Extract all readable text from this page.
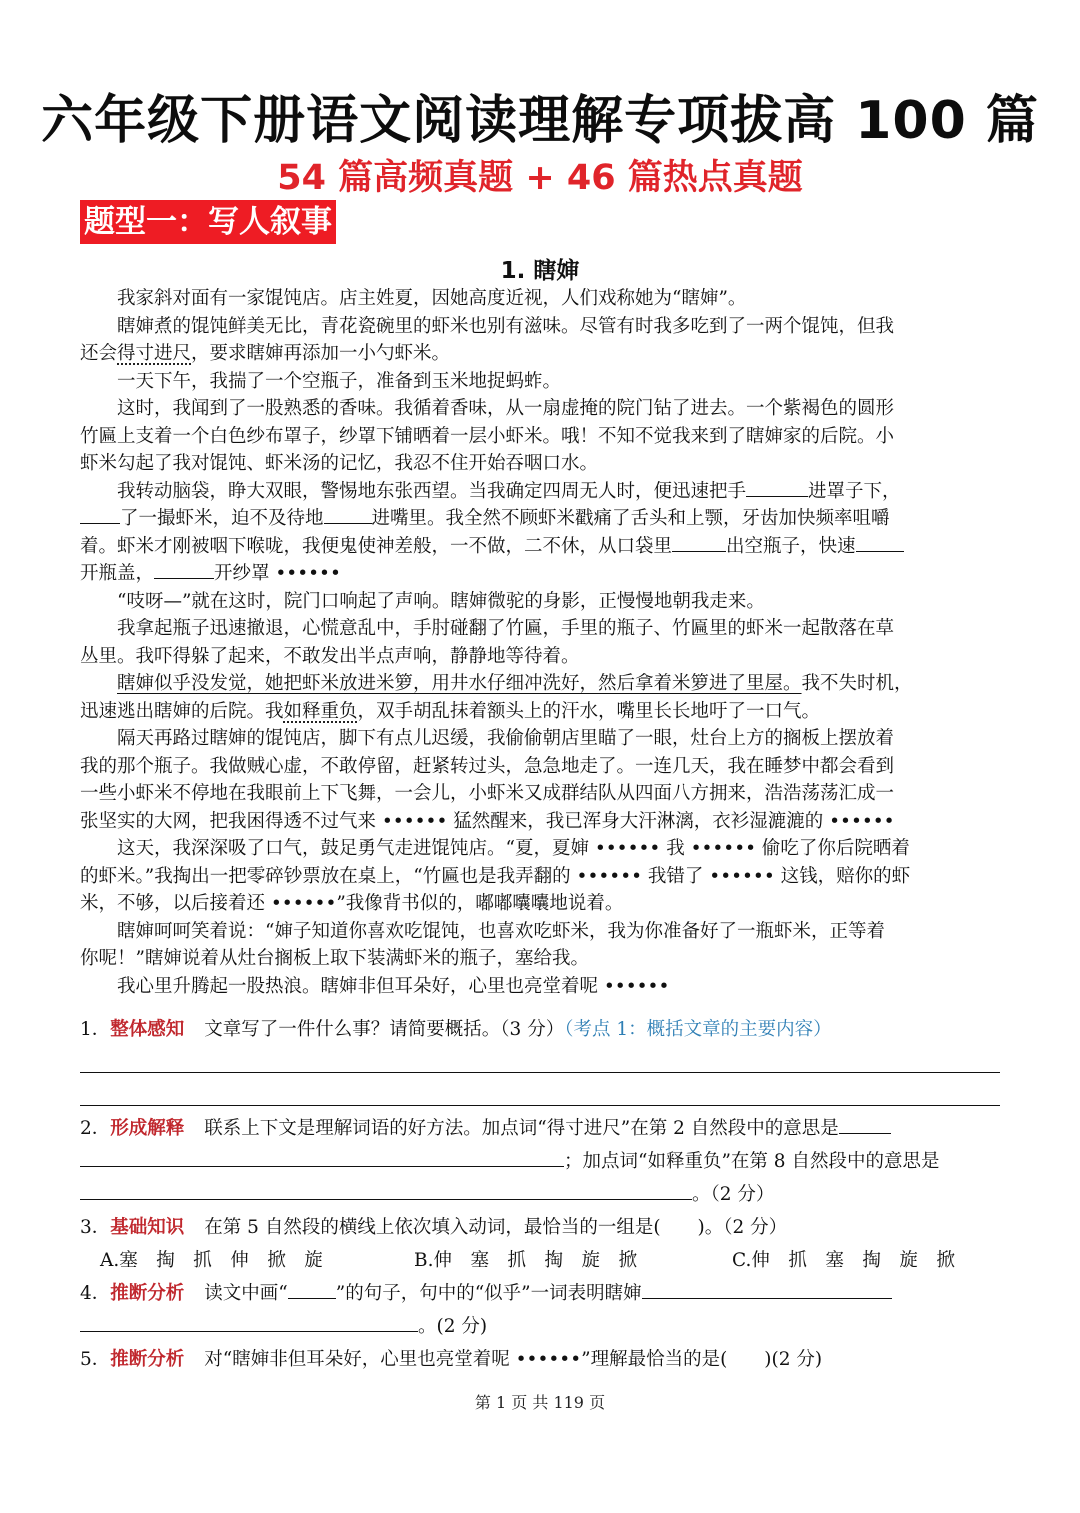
六年级下册语文阅读理解专项拔高 100 篇
54 篇高频真题 + 46 篇热点真题
题型一：写人叙事
1. 瞎婶

我家斜对面有一家馄饨店。店主姓夏，因她高度近视，人们戏称她为“瞎婶”。

瞎婶煮的馄饨鲜美无比，青花瓷碗里的虾米也别有滋味。尽管有时我多吃到了一两个馄饨，但我
还会得寸进尺，要求瞎婶再添加一小勺虾米。

一天下午，我揣了一个空瓶子，准备到玉米地捉蚂蚱。

这时，我闻到了一股熟悉的香味。我循着香味，从一扇虚掩的院门钻了进去。一个紫褐色的圆形
竹匾上支着一个白色纱布罩子，纱罩下铺晒着一层小虾米。哦！不知不觉我来到了瞎婶家的后院。小
虾米勾起了我对馄饨、虾米汤的记忆，我忍不住开始吞咽口水。

我转动脑袋，睁大双眼，警惕地东张西望。当我确定四周无人时，便迅速把手	进罩子下，
了一撮虾米，迫不及待地	进嘴里。我全然不顾虾米戳痛了舌头和上颚，牙齿加快频率咀嚼
着。虾米才刚被咽下喉咙，我便鬼使神差般，一不做，二不休，从口袋里	出空瓶子，快速
开瓶盖，	开纱罩 ••••••

“吱呀—”就在这时，院门口响起了声响。瞎婶微驼的身影，正慢慢地朝我走来。

我拿起瓶子迅速撤退，心慌意乱中，手肘碰翻了竹匾，手里的瓶子、竹匾里的虾米一起散落在草
丛里。我吓得躲了起来，不敢发出半点声响，静静地等待着。

瞎婶似乎没发觉，她把虾米放进米箩，用井水仔细冲洗好，然后拿着米箩进了里屋。我不失时机，
迅速逃出瞎婶的后院。我如释重负，双手胡乱抹着额头上的汗水，嘴里长长地吁了一口气。

隔天再路过瞎婶的馄饨店，脚下有点儿迟缓，我偷偷朝店里瞄了一眼，灶台上方的搁板上摆放着
我的那个瓶子。我做贼心虚，不敢停留，赶紧转过头，急急地走了。一连几天，我在睡梦中都会看到
一些小虾米不停地在我眼前上下飞舞，一会儿，小虾米又成群结队从四面八方拥来，浩浩荡荡汇成一
张坚实的大网，把我困得透不过气来 •••••• 猛然醒来，我已浑身大汗淋漓，衣衫湿漉漉的 ••••••

这天，我深深吸了口气，鼓足勇气走进馄饨店。“夏，夏婶 •••••• 我 •••••• 偷吃了你后院晒着
的虾米。”我掏出一把零碎钞票放在桌上，“竹匾也是我弄翻的 •••••• 我错了 •••••• 这钱，赔你的虾
米，不够，以后接着还 ••••••”我像背书似的，嘟嘟囔囔地说着。

瞎婶呵呵笑着说：“婶子知道你喜欢吃馄饨，也喜欢吃虾米，我为你准备好了一瓶虾米，正等着
你呢！”瞎婶说着从灶台搁板上取下装满虾米的瓶子，塞给我。

我心里升腾起一股热浪。瞎婶非但耳朵好，心里也亮堂着呢 ••••••

1．整体感知 文章写了一件什么事？请简要概括。（3 分）（考点 1：概括文章的主要内容）
2．形成解释 联系上下文是理解词语的好方法。加点词“得寸进尺”在第 2 自然段中的意思是
；加点词“如释重负”在第 8 自然段中的意思是
。（2 分）
3．基础知识 在第 5 自然段的横线上依次填入动词，最恰当的一组是(　　)。（2 分）
A.塞　掏　抓　伸　掀　旋	B.伸　塞　抓　掏　旋　掀	C.伸　抓　塞　掏　旋　掀
4．推断分析 读文中画“	”的句子，句中的“似乎”一词表明瞎婶
。(2 分)
5．推断分析 对“瞎婶非但耳朵好，心里也亮堂着呢 ••••••”理解最恰当的是(　　)(2 分)
第 1 页 共 119 页
